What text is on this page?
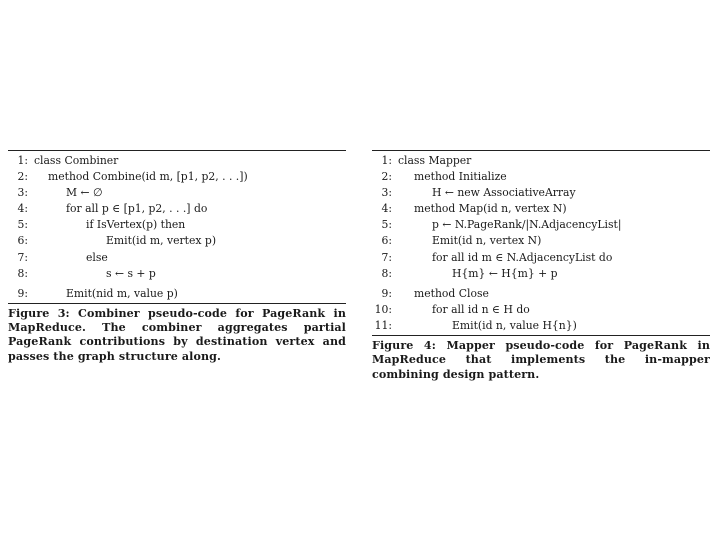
1: class Combiner
2: method Combine(id m, [p1, p2, . . .])
3:	M ← ∅
4:	for all p ∈ [p1, p2, . . .] do
5:	if IsVertex(p) then
6:	Emit(id m, vertex p)
7:	else
8:	s ← s + p
9:	Emit(nid m, value p)
Figure 3: Combiner pseudo-code for PageRank in MapReduce. The combiner aggregates partial PageRank contributions by destination vertex and passes the graph structure along.
1: class Mapper
2: method Initialize
3:	H ← new AssociativeArray
4: method Map(id n, vertex N)
5:	p ← N.PageRank/|N.AdjacencyList|
6:	Emit(id n, vertex N)
7:	for all id m ∈ N.AdjacencyList do
8:	H{m} ← H{m} + p
9: method Close
10:	for all id n ∈ H do
11:	Emit(id n, value H{n})
Figure 4: Mapper pseudo-code for PageRank in MapReduce that implements the in-mapper combining design pattern.
